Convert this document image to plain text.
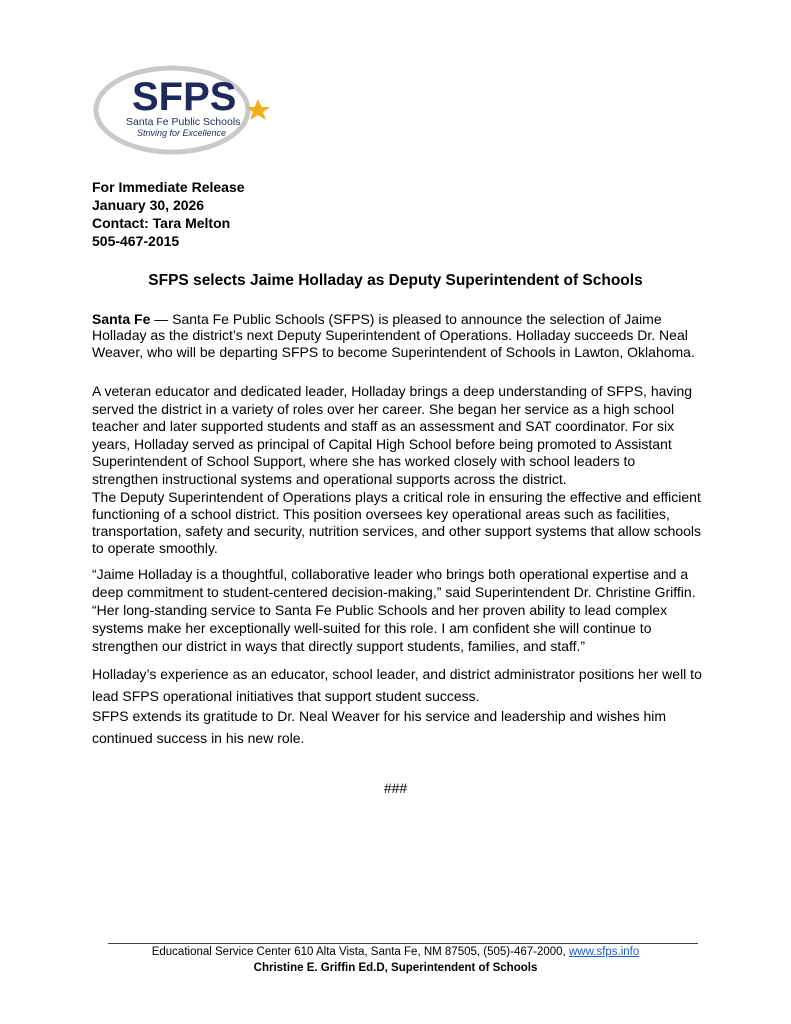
SFPS
Santa Fe Public Schools
Striving for Excellence
For Immediate Release
January 30, 2026
Contact: Tara Melton
505-467-2015
SFPS selects Jaime Holladay as Deputy Superintendent of Schools

Santa Fe — Santa Fe Public Schools (SFPS) is pleased to announce the selection of Jaime Holladay as the district’s next Deputy Superintendent of Operations. Holladay succeeds Dr. Neal Weaver, who will be departing SFPS to become Superintendent of Schools in Lawton, Oklahoma.

A veteran educator and dedicated leader, Holladay brings a deep understanding of SFPS, having served the district in a variety of roles over her career. She began her service as a high school teacher and later supported students and staff as an assessment and SAT coordinator. For six years, Holladay served as principal of Capital High School before being promoted to Assistant Superintendent of School Support, where she has worked closely with school leaders to strengthen instructional systems and operational supports across the district.

The Deputy Superintendent of Operations plays a critical role in ensuring the effective and efficient functioning of a school district. This position oversees key operational areas such as facilities, transportation, safety and security, nutrition services, and other support systems that allow schools to operate smoothly.

“Jaime Holladay is a thoughtful, collaborative leader who brings both operational expertise and a deep commitment to student-centered decision-making,” said Superintendent Dr. Christine Griffin. “Her long-standing service to Santa Fe Public Schools and her proven ability to lead complex systems make her exceptionally well-suited for this role. I am confident she will continue to strengthen our district in ways that directly support students, families, and staff.”

Holladay’s experience as an educator, school leader, and district administrator positions her well to lead SFPS operational initiatives that support student success.

SFPS extends its gratitude to Dr. Neal Weaver for his service and leadership and wishes him continued success in his new role.

###
Educational Service Center 610 Alta Vista, Santa Fe, NM 87505, (505)-467-2000, www.sfps.info
Christine E. Griffin Ed.D, Superintendent of Schools
